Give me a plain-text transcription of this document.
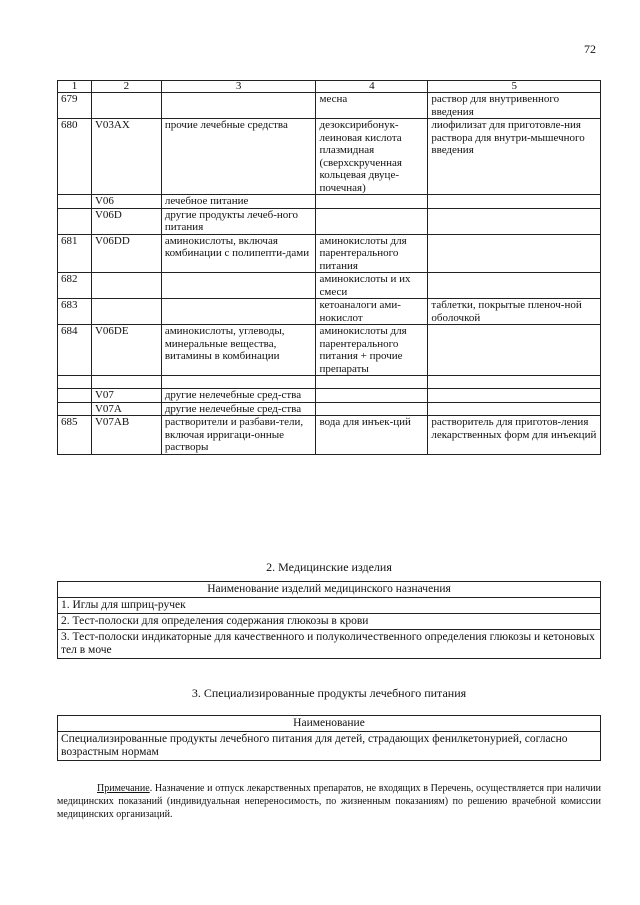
72
1	2	3	4	5
679			месна	раствор для внутривенного введения
680	V03AX	прочие лечебные средства	дезоксирибонук-леиновая кислота плазмидная (сверхскрученная кольцевая двуце-почечная)	лиофилизат для приготовле-ния раствора для внутри-мышечного введения
	V06	лечебное питание		
	V06D	другие продукты лечеб-ного питания		
681	V06DD	аминокислоты, включая комбинации с полипепти-дами	аминокислоты для парентерального питания	
682			аминокислоты и их смеси	
683			кетоаналоги ами-нокислот	таблетки, покрытые пленоч-ной оболочкой
684	V06DE	аминокислоты, углеводы, минеральные вещества, витамины в комбинации	аминокислоты для парентерального питания + прочие препараты	

	V07	другие нелечебные сред-ства		
	V07A	другие нелечебные сред-ства		
685	V07AB	растворители и разбави-тели, включая ирригаци-онные растворы	вода для инъек-ций	растворитель для приготов-ления лекарственных форм для инъекций
2. Медицинские изделия
Наименование изделий медицинского назначения
1. Иглы для шприц-ручек
2. Тест-полоски для определения содержания глюкозы в крови
3. Тест-полоски индикаторные для качественного и полуколичественного определения глюкозы и кетоновых тел в моче
3. Специализированные продукты лечебного питания
Наименование
Специализированные продукты лечебного питания для детей, страдающих фенилкетонурией, согласно возрастным нормам
Примечание. Назначение и отпуск лекарственных препаратов, не входящих в Перечень, осуществляется при наличии медицинских показаний (индивидуальная непереносимость, по жизненным показаниям) по решению врачебной комиссии медицинских организаций.
